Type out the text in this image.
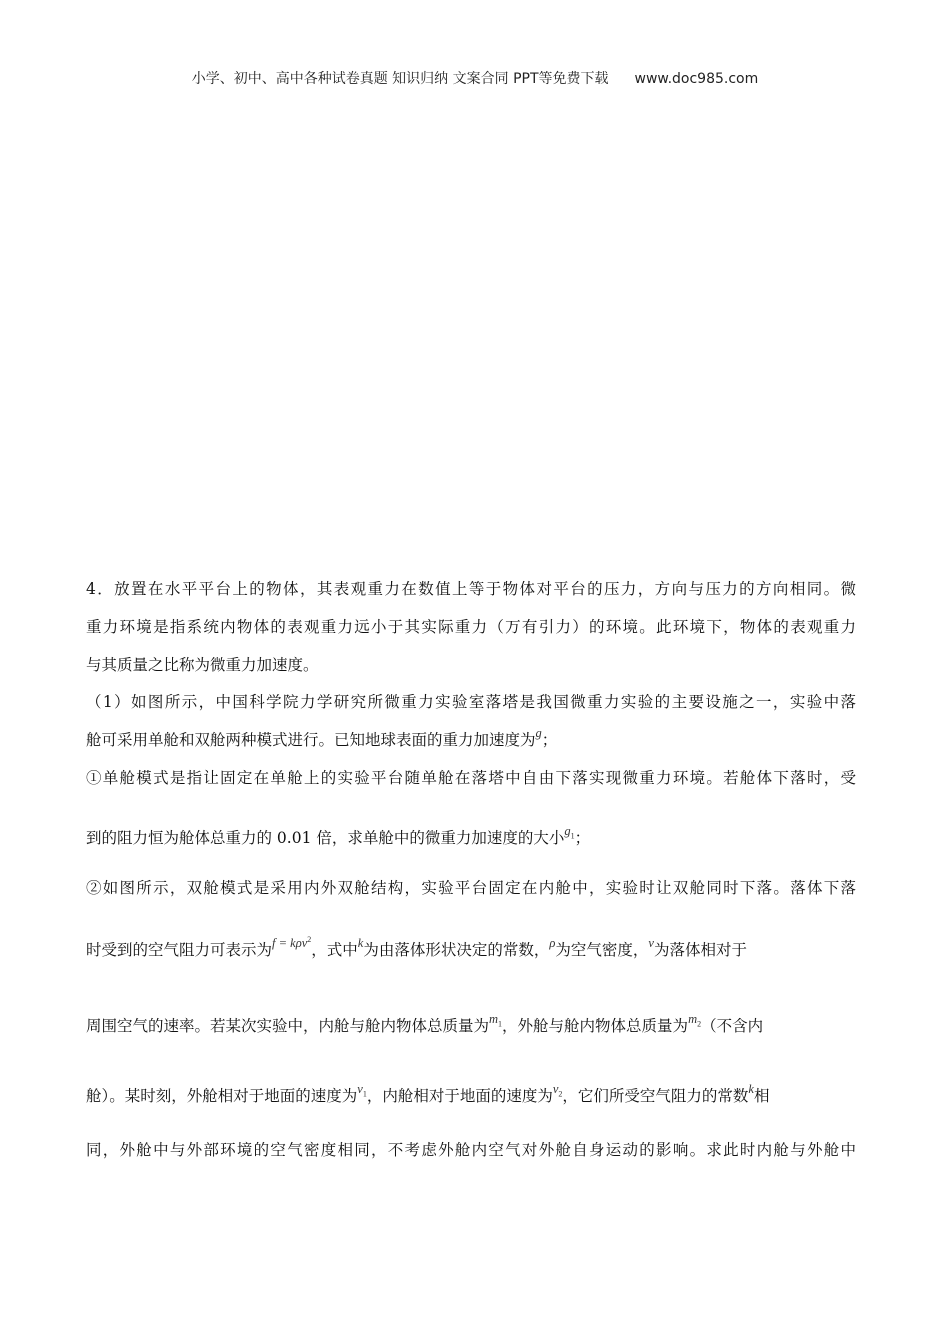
小学、初中、高中各种试卷真题 知识归纳 文案合同 PPT等免费下载 www.doc985.com
4．放置在水平平台上的物体，其表观重力在数值上等于物体对平台的压力，方向与压力的方向相同。微
重力环境是指系统内物体的表观重力远小于其实际重力（万有引力）的环境。此环境下，物体的表观重力
与其质量之比称为微重力加速度。
（1）如图所示，中国科学院力学研究所微重力实验室落塔是我国微重力实验的主要设施之一，实验中落
舱可采用单舱和双舱两种模式进行。已知地球表面的重力加速度为g；
①单舱模式是指让固定在单舱上的实验平台随单舱在落塔中自由下落实现微重力环境。若舱体下落时，受
到的阻力恒为舱体总重力的 0.01 倍，求单舱中的微重力加速度的大小$g_1$；
②如图所示，双舱模式是采用内外双舱结构，实验平台固定在内舱中，实验时让双舱同时下落。落体下落
时受到的空气阻力可表示为f = kρv$^2$，式中k为由落体形状决定的常数，ρ为空气密度，v为落体相对于
周围空气的速率。若某次实验中，内舱与舱内物体总质量为$m_1$，外舱与舱内物体总质量为$m_2$（不含内
舱）。某时刻，外舱相对于地面的速度为$v_1$，内舱相对于地面的速度为$v_2$，它们所受空气阻力的常数k相
同，外舱中与外部环境的空气密度相同，不考虑外舱内空气对外舱自身运动的影响。求此时内舱与外舱中
